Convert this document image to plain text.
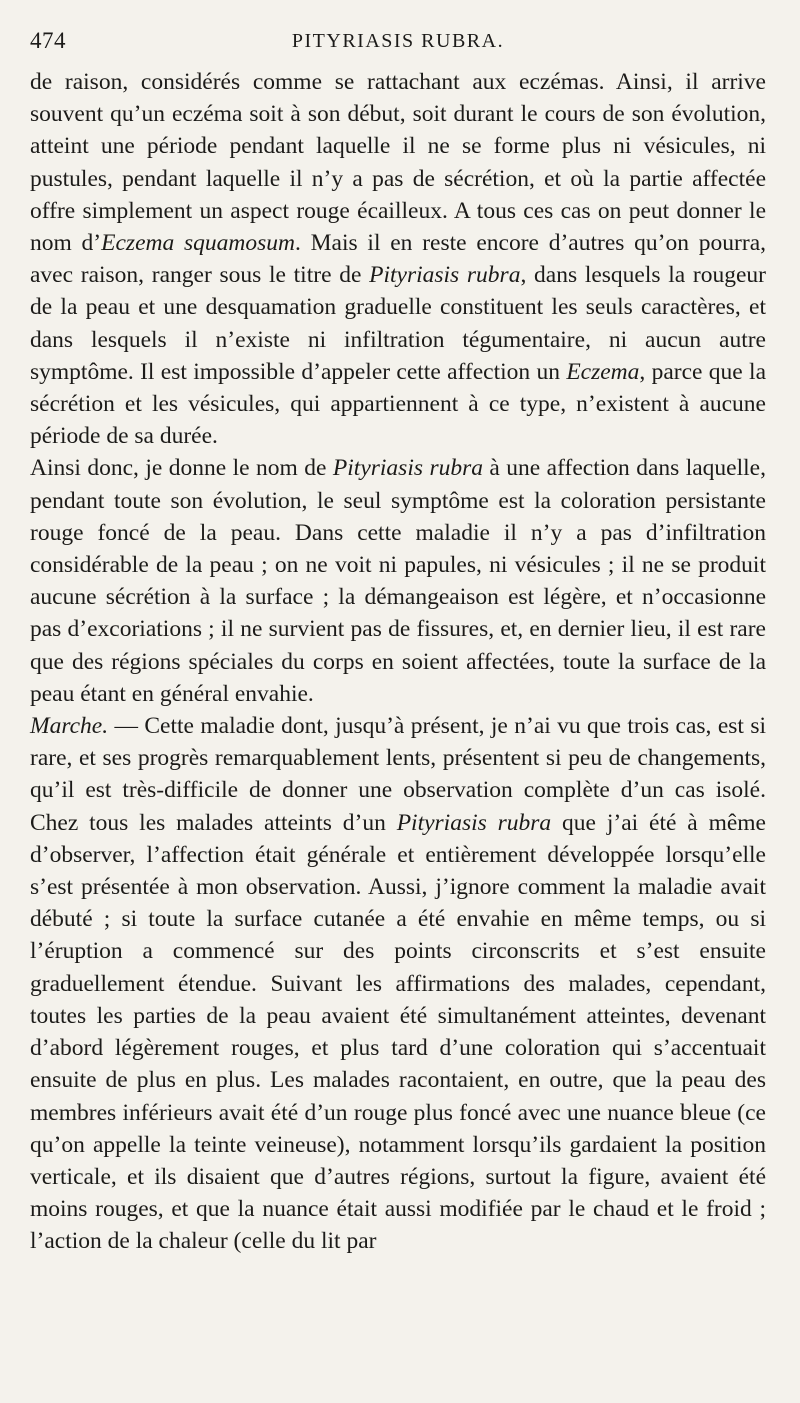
474	PITYRIASIS RUBRA.

de raison, considérés comme se rattachant aux eczémas. Ainsi, il arrive souvent qu’un eczéma soit à son début, soit durant le cours de son évolution, atteint une période pendant laquelle il ne se forme plus ni vésicules, ni pustules, pendant laquelle il n’y a pas de sécrétion, et où la partie affectée offre simplement un aspect rouge écailleux. A tous ces cas on peut donner le nom d’Eczema squamosum. Mais il en reste encore d’autres qu’on pourra, avec raison, ranger sous le titre de Pityriasis rubra, dans lesquels la rougeur de la peau et une desquamation graduelle constituent les seuls caractères, et dans lesquels il n’existe ni infiltration tégumentaire, ni aucun autre symptôme. Il est impossible d’appeler cette affection un Eczema, parce que la sécrétion et les vésicules, qui appartiennent à ce type, n’existent à aucune période de sa durée.

Ainsi donc, je donne le nom de Pityriasis rubra à une affection dans laquelle, pendant toute son évolution, le seul symptôme est la coloration persistante rouge foncé de la peau. Dans cette maladie il n’y a pas d’infiltration considérable de la peau ; on ne voit ni papules, ni vésicules ; il ne se produit aucune sécrétion à la surface ; la démangeaison est légère, et n’occasionne pas d’excoriations ; il ne survient pas de fissures, et, en dernier lieu, il est rare que des régions spéciales du corps en soient affectées, toute la surface de la peau étant en général envahie.

Marche. — Cette maladie dont, jusqu’à présent, je n’ai vu que trois cas, est si rare, et ses progrès remarquablement lents, présentent si peu de changements, qu’il est très-difficile de donner une observation complète d’un cas isolé. Chez tous les malades atteints d’un Pityriasis rubra que j’ai été à même d’observer, l’affection était générale et entièrement développée lorsqu’elle s’est présentée à mon observation. Aussi, j’ignore comment la maladie avait débuté ; si toute la surface cutanée a été envahie en même temps, ou si l’éruption a commencé sur des points circonscrits et s’est ensuite graduellement étendue. Suivant les affirmations des malades, cependant, toutes les parties de la peau avaient été simultanément atteintes, devenant d’abord légèrement rouges, et plus tard d’une coloration qui s’accentuait ensuite de plus en plus. Les malades racontaient, en outre, que la peau des membres inférieurs avait été d’un rouge plus foncé avec une nuance bleue (ce qu’on appelle la teinte veineuse), notamment lorsqu’ils gardaient la position verticale, et ils disaient que d’autres régions, surtout la figure, avaient été moins rouges, et que la nuance était aussi modifiée par le chaud et le froid ; l’action de la chaleur (celle du lit par
